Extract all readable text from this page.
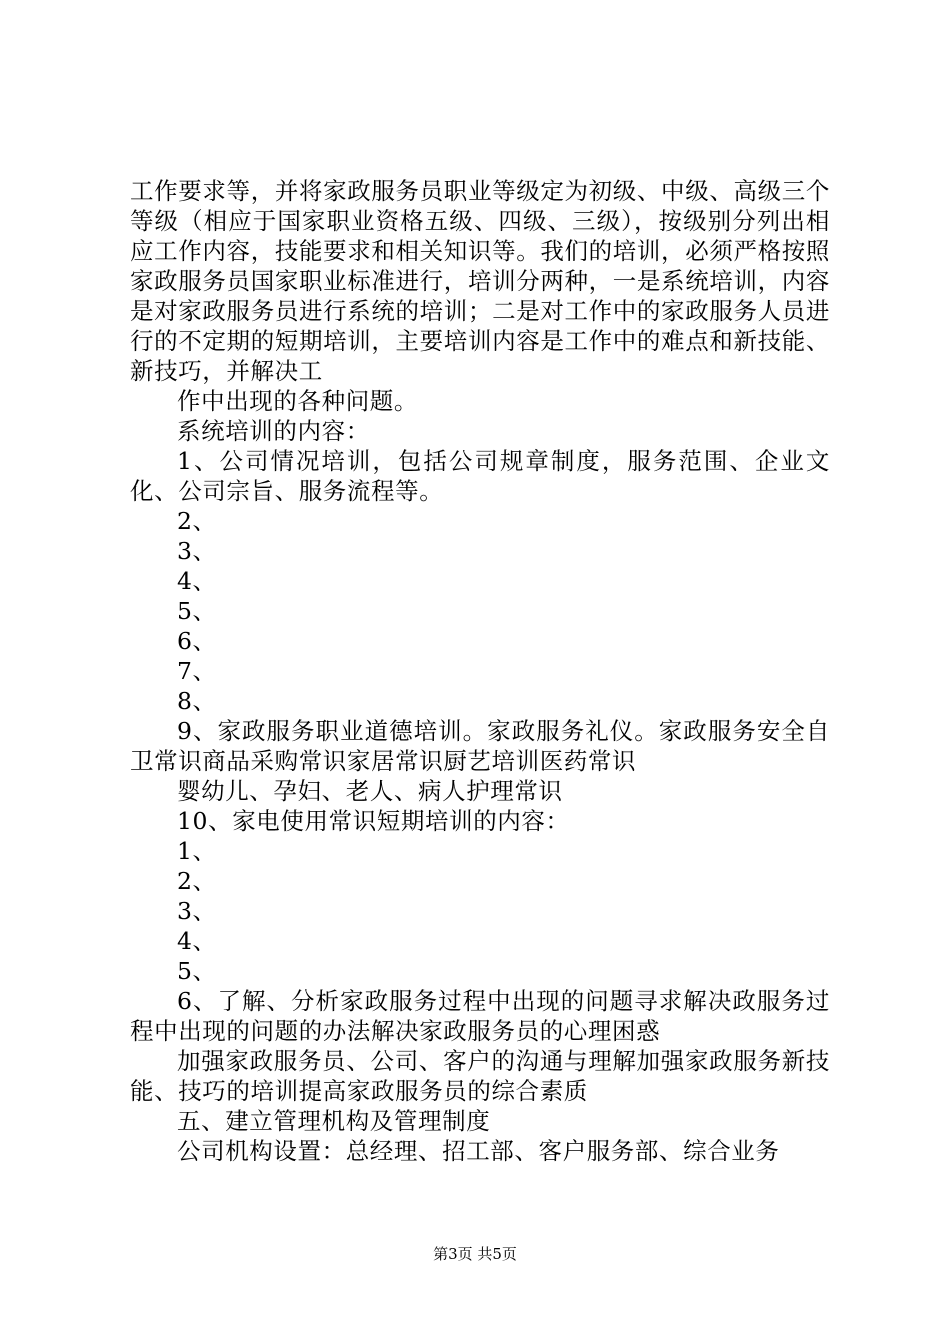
工作要求等，并将家政服务员职业等级定为初级、中级、高级三个等级（相应于国家职业资格五级、四级、三级），按级别分列出相应工作内容，技能要求和相关知识等。我们的培训，必须严格按照家政服务员国家职业标准进行，培训分两种，一是系统培训，内容是对家政服务员进行系统的培训；二是对工作中的家政服务人员进行的不定期的短期培训，主要培训内容是工作中的难点和新技能、新技巧，并解决工

作中出现的各种问题。

系统培训的内容：

1、公司情况培训，包括公司规章制度，服务范围、企业文化、公司宗旨、服务流程等。

2、

3、

4、

5、

6、

7、

8、

9、家政服务职业道德培训。家政服务礼仪。家政服务安全自卫常识商品采购常识家居常识厨艺培训医药常识

婴幼儿、孕妇、老人、病人护理常识

10、家电使用常识短期培训的内容：

1、

2、

3、

4、

5、

6、了解、分析家政服务过程中出现的问题寻求解决政服务过程中出现的问题的办法解决家政服务员的心理困惑

加强家政服务员、公司、客户的沟通与理解加强家政服务新技能、技巧的培训提高家政服务员的综合素质

五、建立管理机构及管理制度

公司机构设置：总经理、招工部、客户服务部、综合业务

第3页 共5页
